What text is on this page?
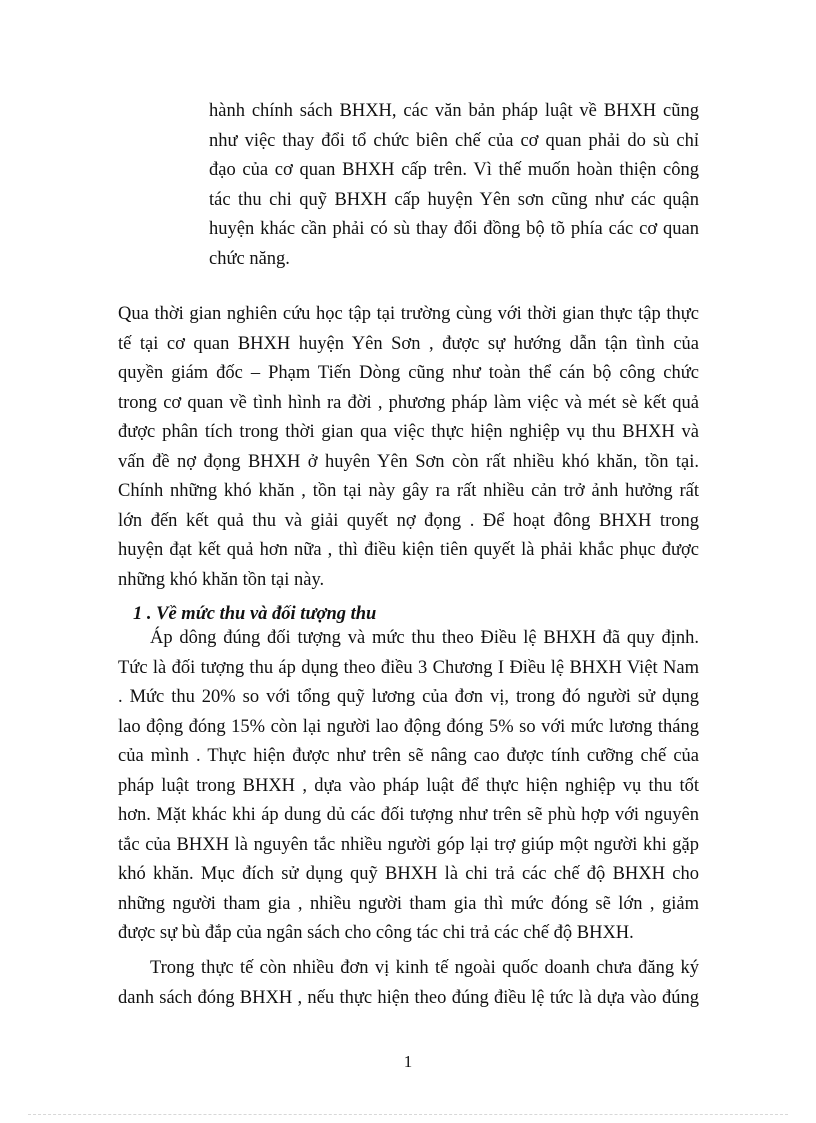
hành chính sách BHXH, các văn bản pháp luật về BHXH cũng
như việc thay đổi tổ chức biên chế của cơ quan phải do sù chỉ
đạo của cơ quan BHXH cấp trên. Vì thế muốn hoàn thiện công
tác thu chi quỹ BHXH cấp huyện Yên sơn cũng như các quận
huyện khác cần phải có sù thay đổi đồng bộ tõ phía các cơ quan
chức năng.
Qua thời gian nghiên cứu học tập tại trường cùng với thời gian thực tập thực
tế tại cơ quan BHXH huyện Yên Sơn , được sự hướng dẫn tận tình của
quyền giám đốc – Phạm Tiến Dòng cũng như toàn thể cán bộ công chức
trong cơ quan về tình hình ra đời , phương pháp làm việc và mét sè kết quả
được phân tích trong thời gian qua việc thực hiện nghiệp vụ thu BHXH và
vấn đề nợ đọng BHXH ở huyên Yên Sơn còn rất nhiều khó khăn, tồn tại.
Chính những khó khăn , tồn tại này gây ra rất nhiều cản trở ảnh hưởng rất
lớn đến kết quả thu và giải quyết nợ đọng . Để hoạt đông BHXH trong
huyện đạt kết quả hơn nữa , thì điều kiện tiên quyết là phải khắc phục được
những khó khăn tồn tại này.
1 . Về mức thu và đối tượng thu
Áp dông đúng đối tượng và mức thu theo Điều lệ BHXH đã quy định.
Tức là đối tượng thu áp dụng theo điều 3 Chương I Điều lệ BHXH Việt Nam
. Mức thu 20% so với tổng quỹ lương của đơn vị, trong đó người sử dụng
lao động đóng 15% còn lại người lao động đóng 5% so với mức lương tháng
của mình . Thực hiện được như trên sẽ nâng cao được tính cưỡng chế của
pháp luật trong BHXH , dựa vào pháp luật để thực hiện nghiệp vụ thu tốt
hơn. Mặt khác khi áp dung dủ các đối tượng như trên sẽ phù hợp với nguyên
tắc của BHXH là nguyên tắc nhiều người góp lại trợ giúp một người khi gặp
khó khăn. Mục đích sử dụng quỹ BHXH là chi trả các chế độ BHXH cho
những người tham gia , nhiều người tham gia thì mức đóng sẽ lớn , giảm
được sự bù đắp của ngân sách cho công tác chi trả các chế độ BHXH.
Trong thực tế còn nhiều đơn vị kinh tế ngoài quốc doanh chưa đăng ký
danh sách đóng BHXH , nếu thực hiện theo đúng điều lệ tức là dựa vào đúng
1
